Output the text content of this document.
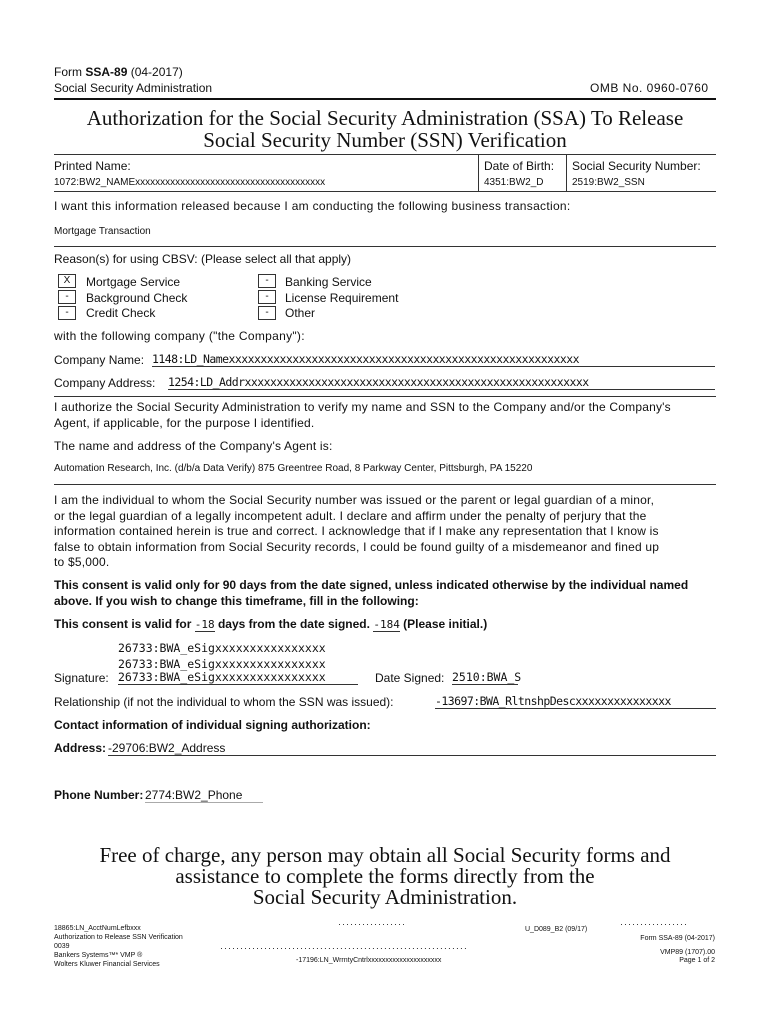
Form SSA-89 (04-2017)
Social Security Administration	OMB No. 0960-0760
Authorization for the Social Security Administration (SSA) To Release
Social Security Number (SSN) Verification
Printed Name:
1072:BW2_NAMExxxxxxxxxxxxxxxxxxxxxxxxxxxxxxxxxxxxxx
Date of Birth:
4351:BW2_D
Social Security Number:
2519:BW2_SSN
I want this information released because I am conducting the following business transaction:
Mortgage Transaction
Reason(s) for using CBSV: (Please select all that apply)
X	Mortgage Service
-	Background Check
-	Credit Check
-	Banking Service
-	License Requirement
-	Other
with the following company ("the Company"):
Company Name: 1148:LD_Namexxxxxxxxxxxxxxxxxxxxxxxxxxxxxxxxxxxxxxxxxxxxxxxxxxxxxxx
Company Address: 1254:LD_Addrxxxxxxxxxxxxxxxxxxxxxxxxxxxxxxxxxxxxxxxxxxxxxxxxxxxxxx
I authorize the Social Security Administration to verify my name and SSN to the Company and/or the Company's
Agent, if applicable, for the purpose I identified.
The name and address of the Company's Agent is:
Automation Research, Inc. (d/b/a Data Verify) 875 Greentree Road, 8 Parkway Center, Pittsburgh, PA 15220
I am the individual to whom the Social Security number was issued or the parent or legal guardian of a minor,
or the legal guardian of a legally incompetent adult. I declare and affirm under the penalty of perjury that the
information contained herein is true and correct. I acknowledge that if I make any representation that I know is
false to obtain information from Social Security records, I could be found guilty of a misdemeanor and fined up
to $5,000.
This consent is valid only for 90 days from the date signed, unless indicated otherwise by the individual named
above. If you wish to change this timeframe, fill in the following:
This consent is valid for -18 days from the date signed. -184 (Please initial.)
26733:BWA_eSigxxxxxxxxxxxxxxxx
26733:BWA_eSigxxxxxxxxxxxxxxxx
Signature: 26733:BWA_eSigxxxxxxxxxxxxxxxx	Date Signed: 2510:BWA_S
Relationship (if not the individual to whom the SSN was issued):	-13697:BWA_RltnshpDescxxxxxxxxxxxxxxx
Contact information of individual signing authorization:
Address: -29706:BW2_Address
Phone Number: 2774:BW2_Phone
Free of charge, any person may obtain all Social Security forms and
assistance to complete the forms directly from the
Social Security Administration.
18865:LN_AcctNumLefbxxx
Authorization to Release SSN Verification
0039
Bankers Systems™* VMP ®
Wolters Kluwer Financial Services
·················
U_D089_B2 (09/17)
·················
Form SSA-89 (04-2017)
······························································
-17196:LN_WrrntyCntrlxxxxxxxxxxxxxxxxxxxxx
VMP89 (1707).00
Page 1 of 2
